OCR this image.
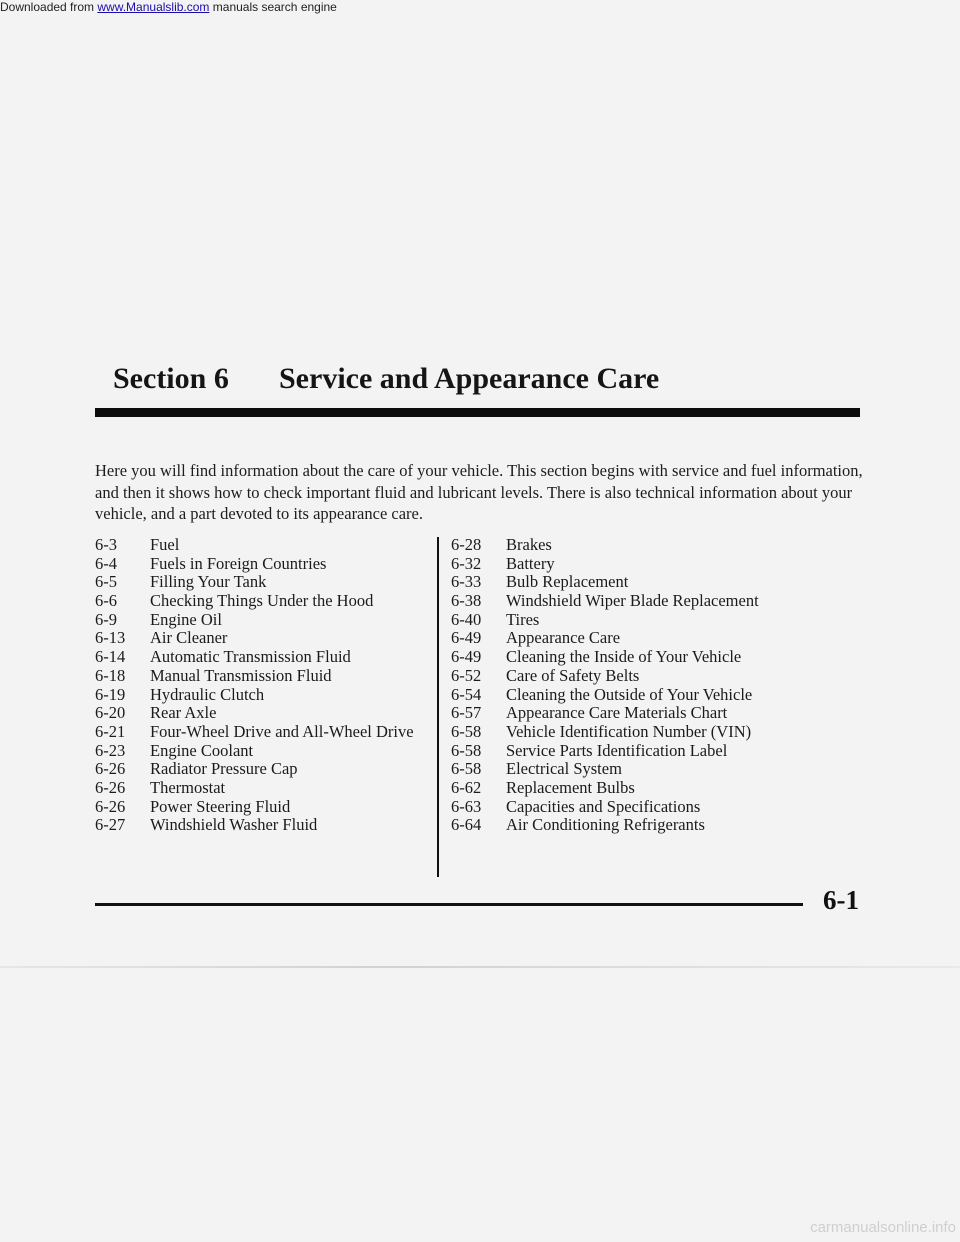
Downloaded from www.Manualslib.com manuals search engine
Section 6 Service and Appearance Care

Here you will find information about the care of your vehicle. This section begins with service and fuel information, and then it shows how to check important fluid and lubricant levels. There is also technical information about your vehicle, and a part devoted to its appearance care.

6-3 Fuel
6-4 Fuels in Foreign Countries
6-5 Filling Your Tank
6-6 Checking Things Under the Hood
6-9 Engine Oil
6-13 Air Cleaner
6-14 Automatic Transmission Fluid
6-18 Manual Transmission Fluid
6-19 Hydraulic Clutch
6-20 Rear Axle
6-21 Four-Wheel Drive and All-Wheel Drive
6-23 Engine Coolant
6-26 Radiator Pressure Cap
6-26 Thermostat
6-26 Power Steering Fluid
6-27 Windshield Washer Fluid
6-28 Brakes
6-32 Battery
6-33 Bulb Replacement
6-38 Windshield Wiper Blade Replacement
6-40 Tires
6-49 Appearance Care
6-49 Cleaning the Inside of Your Vehicle
6-52 Care of Safety Belts
6-54 Cleaning the Outside of Your Vehicle
6-57 Appearance Care Materials Chart
6-58 Vehicle Identification Number (VIN)
6-58 Service Parts Identification Label
6-58 Electrical System
6-62 Replacement Bulbs
6-63 Capacities and Specifications
6-64 Air Conditioning Refrigerants
6-1
carmanualsonline.info
